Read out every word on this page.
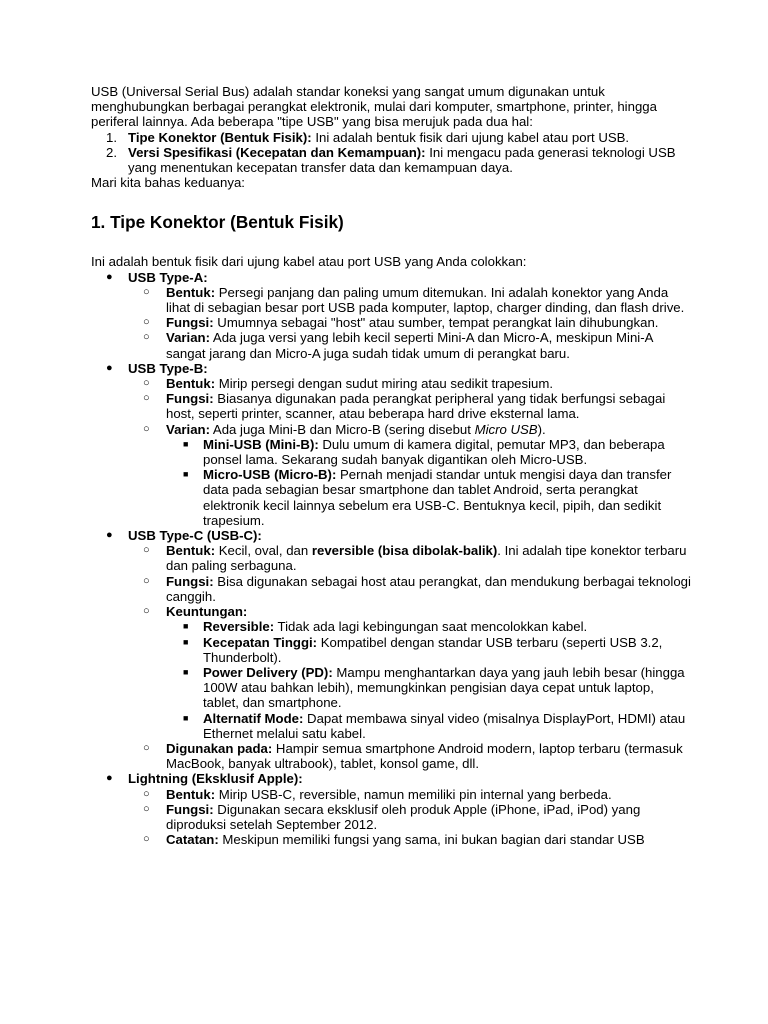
USB (Universal Serial Bus) adalah standar koneksi yang sangat umum digunakan untuk menghubungkan berbagai perangkat elektronik, mulai dari komputer, smartphone, printer, hingga periferal lainnya. Ada beberapa "tipe USB" yang bisa merujuk pada dua hal:

1. Tipe Konektor (Bentuk Fisik): Ini adalah bentuk fisik dari ujung kabel atau port USB.
2. Versi Spesifikasi (Kecepatan dan Kemampuan): Ini mengacu pada generasi teknologi USB yang menentukan kecepatan transfer data dan kemampuan daya.

Mari kita bahas keduanya:

1. Tipe Konektor (Bentuk Fisik)

Ini adalah bentuk fisik dari ujung kabel atau port USB yang Anda colokkan:

● USB Type-A:
○ Bentuk: Persegi panjang dan paling umum ditemukan. Ini adalah konektor yang Anda lihat di sebagian besar port USB pada komputer, laptop, charger dinding, dan flash drive.
○ Fungsi: Umumnya sebagai "host" atau sumber, tempat perangkat lain dihubungkan.
○ Varian: Ada juga versi yang lebih kecil seperti Mini-A dan Micro-A, meskipun Mini-A sangat jarang dan Micro-A juga sudah tidak umum di perangkat baru.
● USB Type-B:
○ Bentuk: Mirip persegi dengan sudut miring atau sedikit trapesium.
○ Fungsi: Biasanya digunakan pada perangkat peripheral yang tidak berfungsi sebagai host, seperti printer, scanner, atau beberapa hard drive eksternal lama.
○ Varian: Ada juga Mini-B dan Micro-B (sering disebut Micro USB).
■ Mini-USB (Mini-B): Dulu umum di kamera digital, pemutar MP3, dan beberapa ponsel lama. Sekarang sudah banyak digantikan oleh Micro-USB.
■ Micro-USB (Micro-B): Pernah menjadi standar untuk mengisi daya dan transfer data pada sebagian besar smartphone dan tablet Android, serta perangkat elektronik kecil lainnya sebelum era USB-C. Bentuknya kecil, pipih, dan sedikit trapesium.
● USB Type-C (USB-C):
○ Bentuk: Kecil, oval, dan reversible (bisa dibolak-balik). Ini adalah tipe konektor terbaru dan paling serbaguna.
○ Fungsi: Bisa digunakan sebagai host atau perangkat, dan mendukung berbagai teknologi canggih.
○ Keuntungan:
■ Reversible: Tidak ada lagi kebingungan saat mencolokkan kabel.
■ Kecepatan Tinggi: Kompatibel dengan standar USB terbaru (seperti USB 3.2, Thunderbolt).
■ Power Delivery (PD): Mampu menghantarkan daya yang jauh lebih besar (hingga 100W atau bahkan lebih), memungkinkan pengisian daya cepat untuk laptop, tablet, dan smartphone.
■ Alternatif Mode: Dapat membawa sinyal video (misalnya DisplayPort, HDMI) atau Ethernet melalui satu kabel.
○ Digunakan pada: Hampir semua smartphone Android modern, laptop terbaru (termasuk MacBook, banyak ultrabook), tablet, konsol game, dll.
● Lightning (Eksklusif Apple):
○ Bentuk: Mirip USB-C, reversible, namun memiliki pin internal yang berbeda.
○ Fungsi: Digunakan secara eksklusif oleh produk Apple (iPhone, iPad, iPod) yang diproduksi setelah September 2012.
○ Catatan: Meskipun memiliki fungsi yang sama, ini bukan bagian dari standar USB
